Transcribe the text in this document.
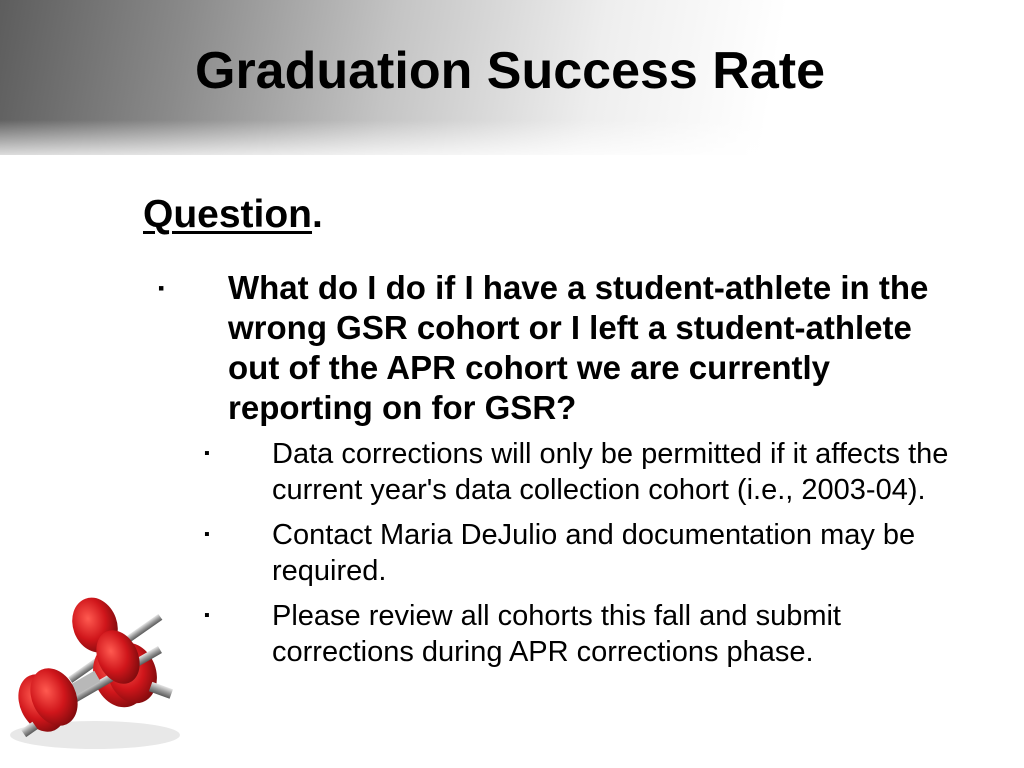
Graduation Success Rate
Question.
▪	What do I do if I have a student-athlete in the wrong GSR cohort or I left a student-athlete out of the APR cohort we are currently reporting on for GSR?
▪	Data corrections will only be permitted if it affects the current year's data collection cohort (i.e., 2003-04).
▪	Contact Maria DeJulio and documentation may be required.
▪	Please review all cohorts this fall and submit corrections during APR corrections phase.
